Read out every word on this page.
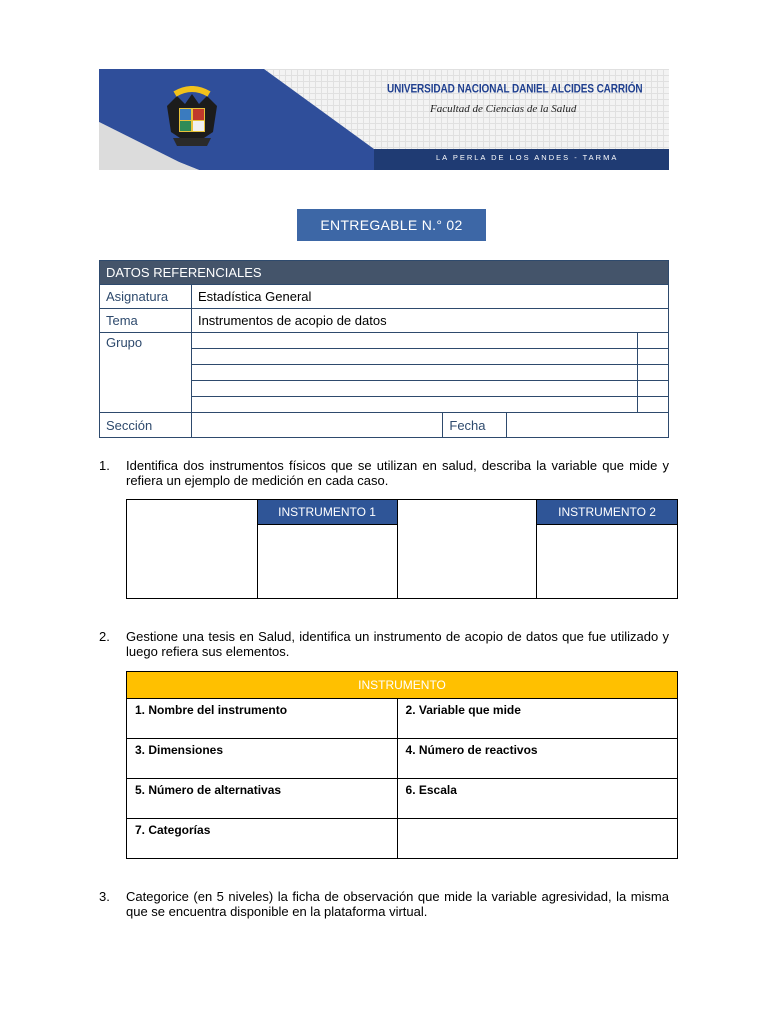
UNIVERSIDAD NACIONAL DANIEL ALCIDES CARRIÓN
Facultad de Ciencias de la Salud
LA PERLA DE LOS ANDES - TARMA
ENTREGABLE N.° 02
DATOS REFERENCIALES				
Asignatura	Estadística General			
Tema	Instrumentos de acopio de datos			
Grupo				

Sección		Fecha		
1. Identifica dos instrumentos físicos que se utilizan en salud, describa la variable que mide y refiera un ejemplo de medición en cada caso.
	INSTRUMENTO 1		INSTRUMENTO 2

2. Gestione una tesis en Salud, identifica un instrumento de acopio de datos que fue utilizado y luego refiera sus elementos.
INSTRUMENTO	
1. Nombre del instrumento	2. Variable que mide
3. Dimensiones	4. Número de reactivos
5. Número de alternativas	6. Escala
7. Categorías	
3. Categorice (en 5 niveles) la ficha de observación que mide la variable agresividad, la misma que se encuentra disponible en la plataforma virtual.
